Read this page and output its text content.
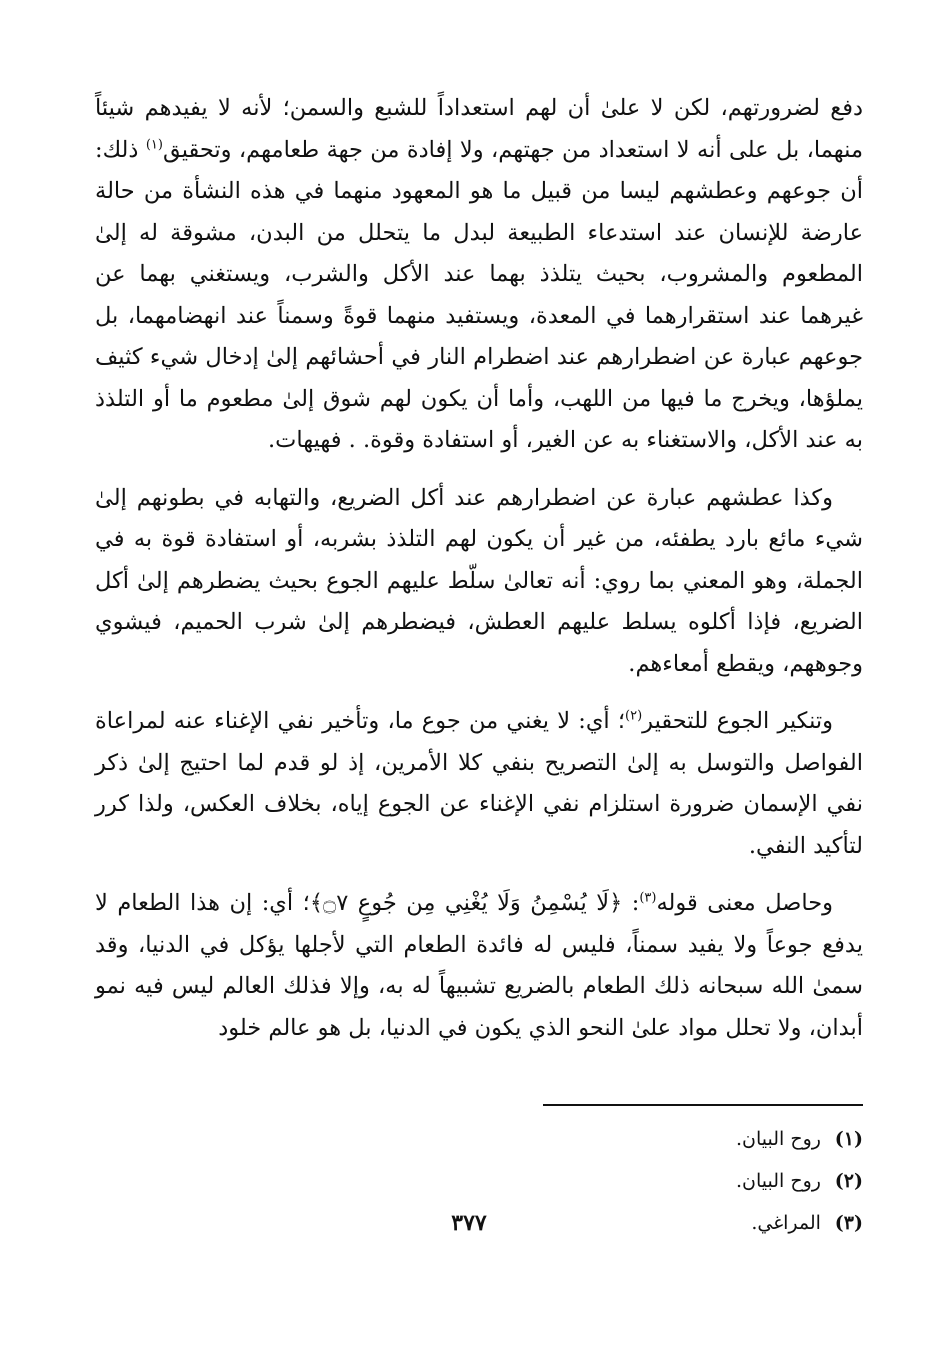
دفع لضرورتهم، لكن لا علىٰ أن لهم استعداداً للشبع والسمن؛ لأنه لا يفيدهم شيئاً منهما، بل على أنه لا استعداد من جهتهم، ولا إفادة من جهة طعامهم، وتحقيق$^{(١)}$ ذلك: أن جوعهم وعطشهم ليسا من قبيل ما هو المعهود منهما في هذه النشأة من حالة عارضة للإنسان عند استدعاء الطبيعة لبدل ما يتحلل من البدن، مشوقة له إلىٰ المطعوم والمشروب، بحيث يتلذذ بهما عند الأكل والشرب، ويستغني بهما عن غيرهما عند استقرارهما في المعدة، ويستفيد منهما قوةً وسمناً عند انهضامهما، بل جوعهم عبارة عن اضطرارهم عند اضطرام النار في أحشائهم إلىٰ إدخال شيء كثيف يملؤها، ويخرج ما فيها من اللهب، وأما أن يكون لهم شوق إلىٰ مطعوم ما أو التلذذ به عند الأكل، والاستغناء به عن الغير، أو استفادة وقوة. . فهيهات.

وكذا عطشهم عبارة عن اضطرارهم عند أكل الضريع، والتهابه في بطونهم إلىٰ شيء مائع بارد يطفئه، من غير أن يكون لهم التلذذ بشربه، أو استفادة قوة به في الجملة، وهو المعني بما روي: أنه تعالىٰ سلّط عليهم الجوع بحيث يضطرهم إلىٰ أكل الضريع، فإذا أكلوه يسلط عليهم العطش، فيضطرهم إلىٰ شرب الحميم، فيشوي وجوههم، ويقطع أمعاءهم.

وتنكير الجوع للتحقير$^{(٢)}$؛ أي: لا يغني من جوع ما، وتأخير نفي الإغناء عنه لمراعاة الفواصل والتوسل به إلىٰ التصريح بنفي كلا الأمرين، إذ لو قدم لما احتيج إلىٰ ذكر نفي الإسمان ضرورة استلزام نفي الإغناء عن الجوع إياه، بخلاف العكس، ولذا كرر لتأكيد النفي.

وحاصل معنى قوله$^{(٣)}$: ﴿لَا يُسْمِنُ وَلَا يُغْنِي مِن جُوعٍ ۝٧﴾؛ أي: إن هذا الطعام لا يدفع جوعاً ولا يفيد سمناً، فليس له فائدة الطعام التي لأجلها يؤكل في الدنيا، وقد سمىٰ الله سبحانه ذلك الطعام بالضريع تشبيهاً له به، وإلا فذلك العالم ليس فيه نمو أبدان، ولا تحلل مواد علىٰ النحو الذي يكون في الدنيا، بل هو عالم خلود

(١) روح البيان.
(٢) روح البيان.
(٣) المراغي.
٣٧٧
